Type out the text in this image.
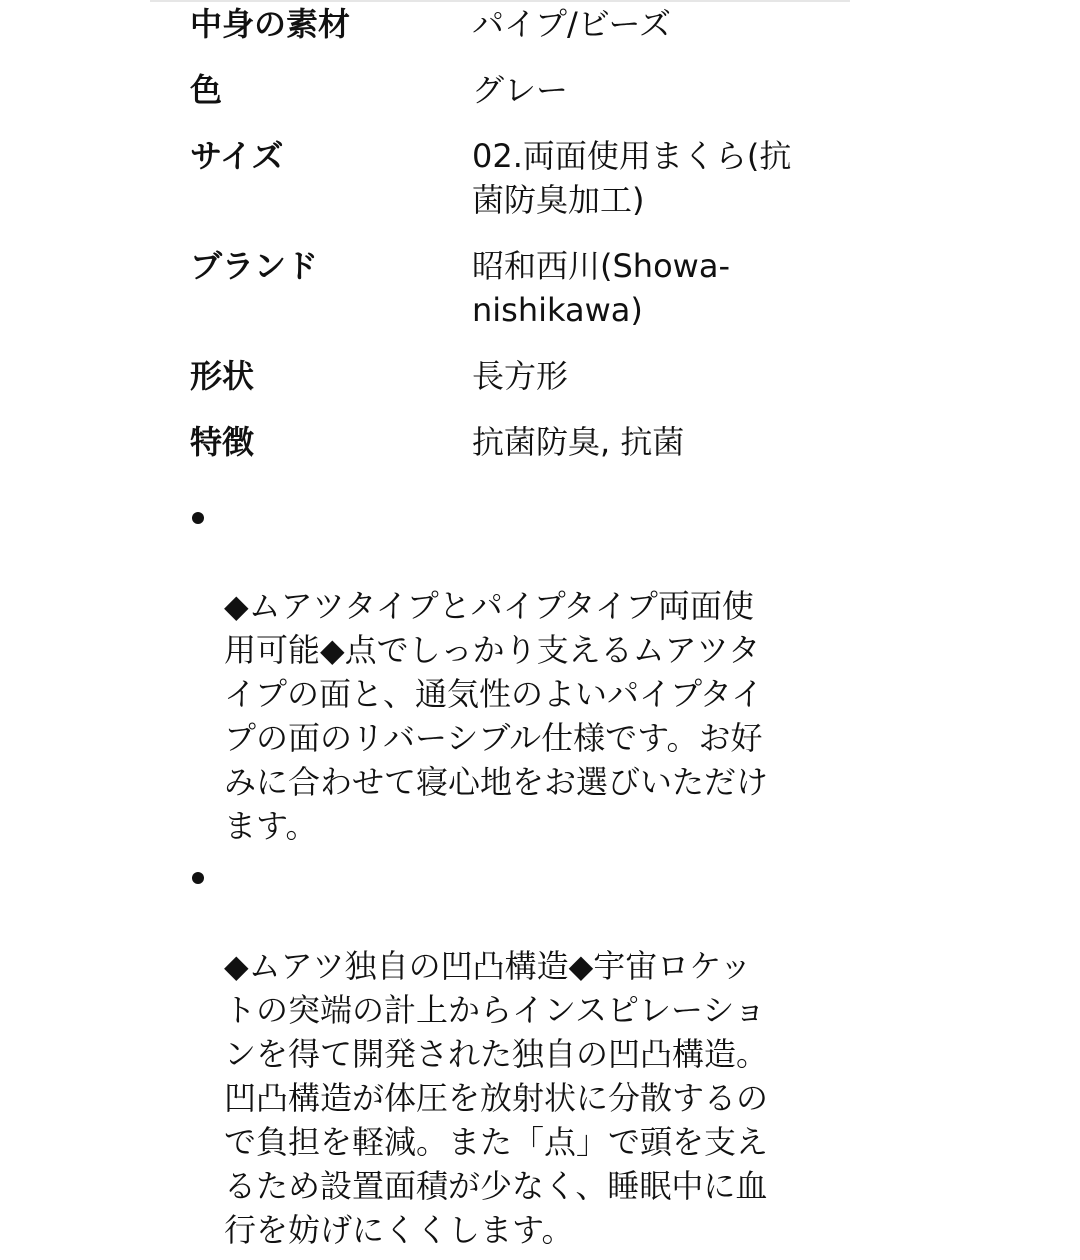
中身の素材	パイプ/ビーズ
色	グレー
サイズ	02.両面使用まくら(抗
菌防臭加工)
ブランド	昭和西川(Showa-
nishikawa)
形状	長方形
特徴	抗菌防臭, 抗菌

◆ムアツタイプとパイプタイプ両面使
用可能◆点でしっかり支えるムアツタ
イプの面と、通気性のよいパイプタイ
プの面のリバーシブル仕様です。お好
みに合わせて寝心地をお選びいただけ
ます。

◆ムアツ独自の凹凸構造◆宇宙ロケッ
トの突端の計上からインスピレーショ
ンを得て開発された独自の凹凸構造。
凹凸構造が体圧を放射状に分散するの
で負担を軽減。また「点」で頭を支え
るため設置面積が少なく、睡眠中に血
行を妨げにくくします。
